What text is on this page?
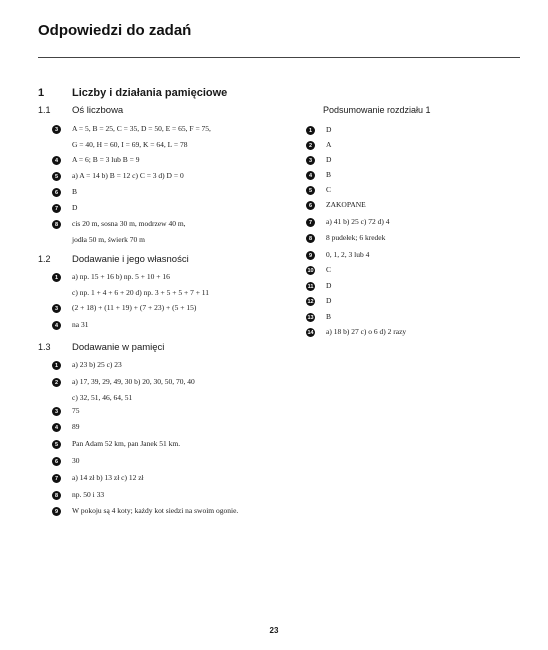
Odpowiedzi do zadań
1	Liczby i działania pamięciowe
1.1 Oś liczbowa
3	A = 5, B = 25, C = 35, D = 50, E = 65, F = 75,
G = 40, H = 60, I = 69, K = 64, L = 78
4	A = 6; B = 3 lub B = 9
5	a) A = 14 b) B = 12 c) C = 3 d) D = 0
6	B
7	D
8	cis 20 m, sosna 30 m, modrzew 40 m,
jodła 50 m, świerk 70 m
1.2 Dodawanie i jego własności
1	a) np. 15 + 16 b) np. 5 + 10 + 16
c) np. 1 + 4 + 6 + 20 d) np. 3 + 5 + 5 + 7 + 11
3	(2 + 18) + (11 + 19) + (7 + 23) + (5 + 15)
4	na 31
1.3 Dodawanie w pamięci
1	a) 23 b) 25 c) 23
2	a) 17, 39, 29, 49, 30 b) 20, 30, 50, 70, 40
c) 32, 51, 46, 64, 51
3	75
4	89
5	Pan Adam 52 km, pan Janek 51 km.
6	30
7	a) 14 zł b) 13 zł c) 12 zł
8	np. 50 i 33
9	W pokoju są 4 koty; każdy kot siedzi na swoim ogonie.
Podsumowanie rozdziału 1
1	D
2	A
3	D
4	B
5	C
6	ZAKOPANE
7	a) 41 b) 25 c) 72 d) 4
8	8 pudełek; 6 kredek
9	0, 1, 2, 3 lub 4
10 C
11 D
12 D
13 B
14 a) 18 b) 27 c) o 6 d) 2 razy
23
